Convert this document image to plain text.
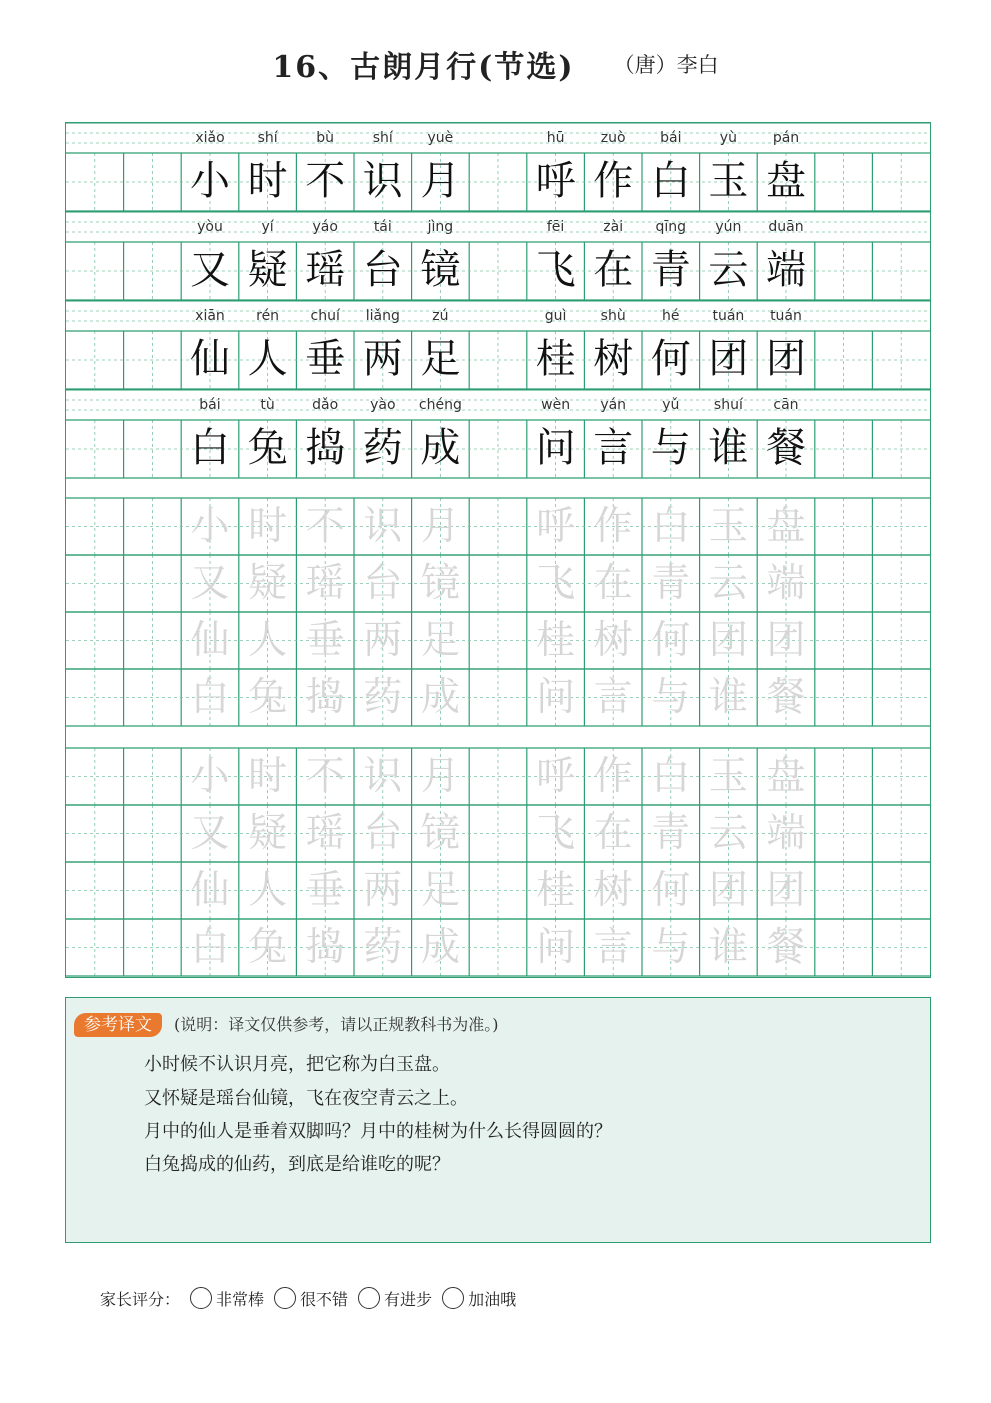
16、古朗月行(节选) （唐）李白
xiǎo	shí	bù	shí	yuè	hū	zuò	bái	yù	pán
小 时 不 识 月 呼 作 白 玉 盘
yòu	yí	yáo	tái	jìng	fēi	zài	qīng	yún	duān
又 疑 瑶 台 镜 飞 在 青 云 端
xiān	rén	chuí	liǎng	zú	guì	shù	hé	tuán	tuán
仙 人 垂 两 足 桂 树 何 团 团
bái	tù	dǎo	yào	chéng	wèn	yán	yǔ	shuí	cān
白 兔 捣 药 成 问 言 与 谁 餐
小 时 不 识 月 呼 作 白 玉 盘
又 疑 瑶 台 镜 飞 在 青 云 端
仙 人 垂 两 足 桂 树 何 团 团
白 兔 捣 药 成 问 言 与 谁 餐
小 时 不 识 月 呼 作 白 玉 盘
又 疑 瑶 台 镜 飞 在 青 云 端
仙 人 垂 两 足 桂 树 何 团 团
白 兔 捣 药 成 问 言 与 谁 餐
参考译文	(说明：译文仅供参考，请以正规教科书为准。)
小时候不认识月亮，把它称为白玉盘。
又怀疑是瑶台仙镜，飞在夜空青云之上。
月中的仙人是垂着双脚吗？月中的桂树为什么长得圆圆的？
白兔捣成的仙药，到底是给谁吃的呢？
家长评分： 非常棒 很不错 有进步 加油哦
